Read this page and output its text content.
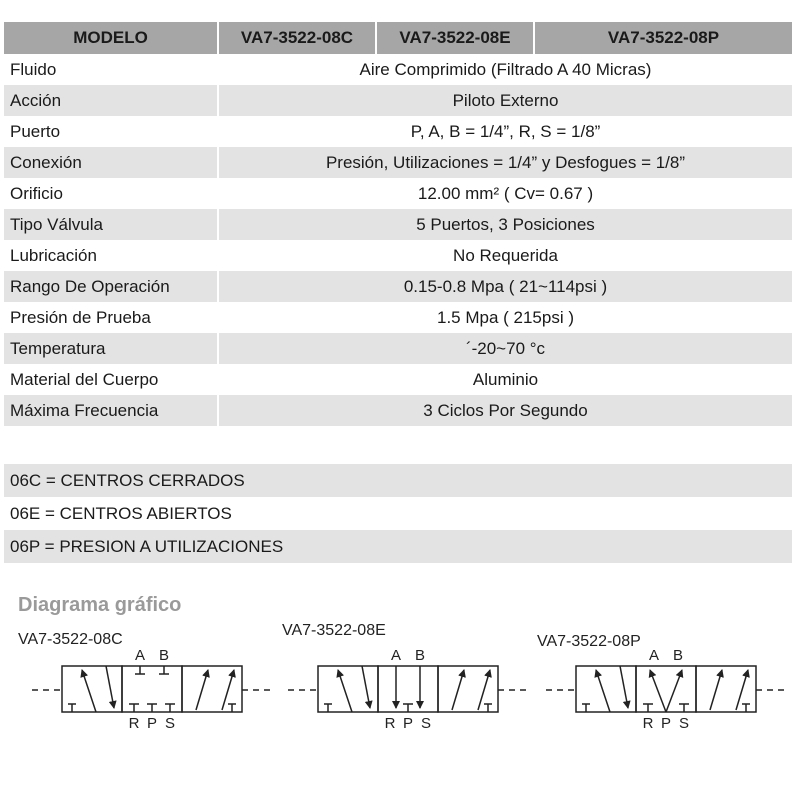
MODELO	VA7-3522-08C	VA7-3522-08E	VA7-3522-08P
Fluido	Aire Comprimido (Filtrado A 40 Micras)		
Acción	Piloto Externo		
Puerto	P, A, B = 1/4”, R, S = 1/8”		
Conexión	Presión, Utilizaciones = 1/4” y Desfogues = 1/8”		
Orificio	12.00 mm² ( Cv= 0.67 )		
Tipo Válvula	5 Puertos, 3 Posiciones		
Lubricación	No Requerida		
Rango De Operación	0.15-0.8 Mpa ( 21~114psi )		
Presión de Prueba	1.5 Mpa ( 215psi )		
Temperatura	´-20~70 °c		
Material del Cuerpo	Aluminio		
Máxima Frecuencia	3 Ciclos Por Segundo		
06C = CENTROS CERRADOS
06E = CENTROS ABIERTOS
06P = PRESION A UTILIZACIONES
Diagrama gráfico
VA7-3522-08C
VA7-3522-08E
VA7-3522-08P
A B
R P S
A B
R P S
A B
R P S
